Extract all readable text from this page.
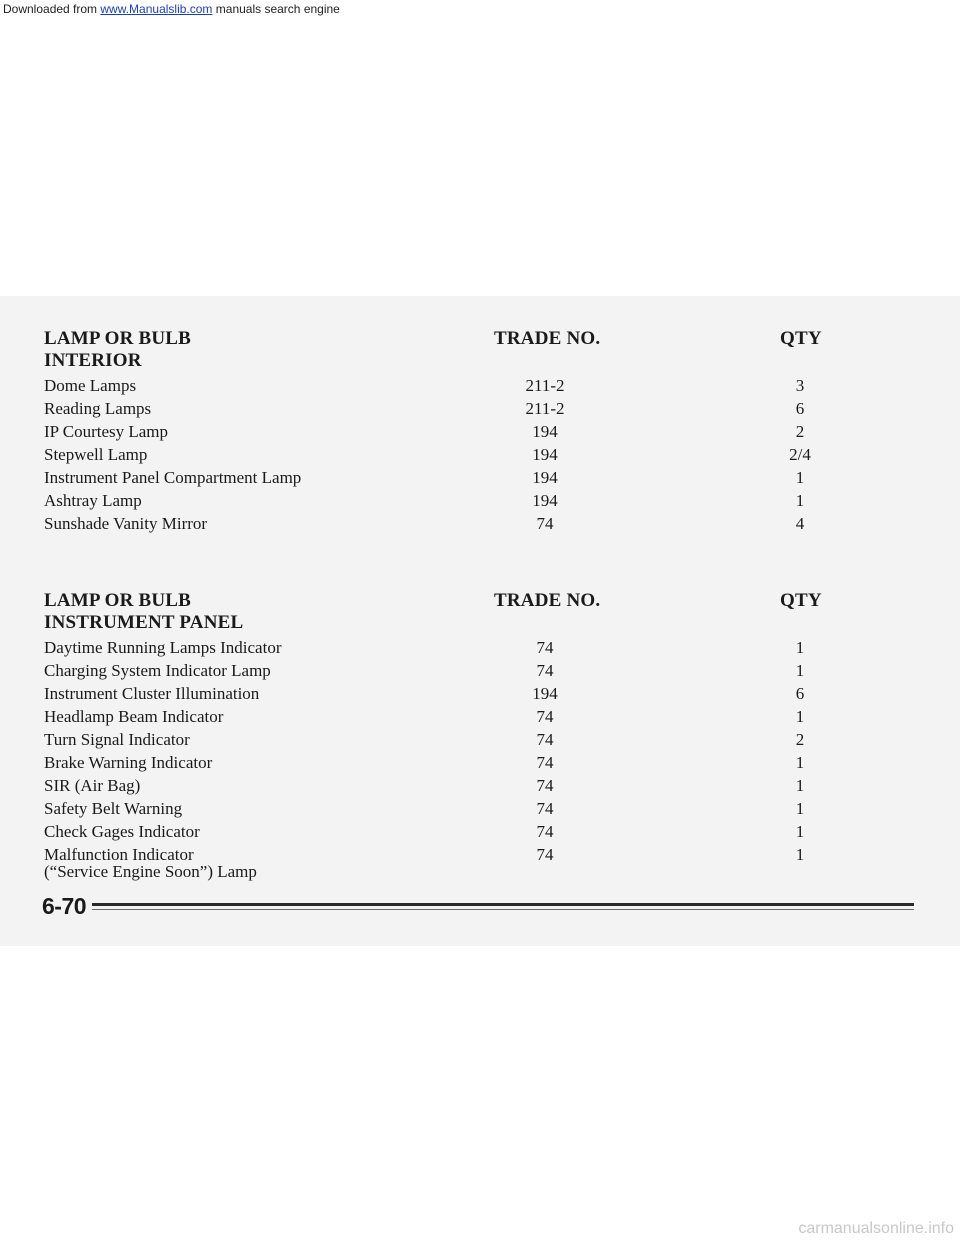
Downloaded from www.Manualslib.com manuals search engine
LAMP OR BULB	TRADE NO.	QTY
INTERIOR
Dome Lamps	211-2	3
Reading Lamps	211-2	6
IP Courtesy Lamp	194	2
Stepwell Lamp	194	2/4
Instrument Panel Compartment Lamp	194	1
Ashtray Lamp	194	1
Sunshade Vanity Mirror	74	4
LAMP OR BULB	TRADE NO.	QTY
INSTRUMENT PANEL
Daytime Running Lamps Indicator	74	1
Charging System Indicator Lamp	74	1
Instrument Cluster Illumination	194	6
Headlamp Beam Indicator	74	1
Turn Signal Indicator	74	2
Brake Warning Indicator	74	1
SIR (Air Bag)	74	1
Safety Belt Warning	74	1
Check Gages Indicator	74	1
Malfunction Indicator
(“Service Engine Soon”) Lamp
74	1
6-70
carmanualsonline.info
